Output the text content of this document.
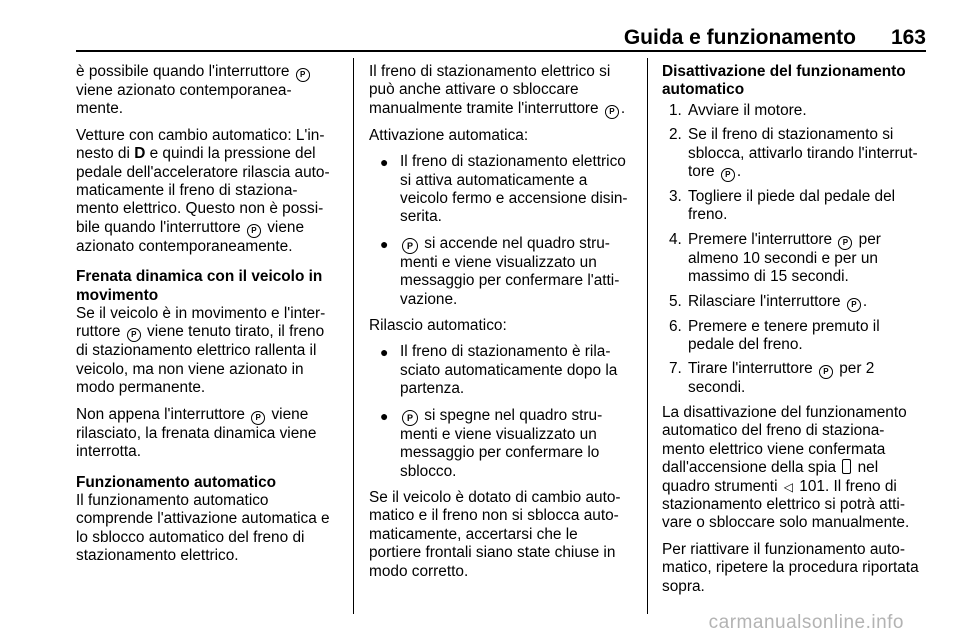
Guida e funzionamento 163

è possibile quando l'interruttore P
viene azionato contemporanea-
mente.

Vetture con cambio automatico: L'in-
nesto di D e quindi la pressione del
pedale dell'acceleratore rilascia auto-
maticamente il freno di staziona-
mento elettrico. Questo non è possi-
bile quando l'interruttore P viene
azionato contemporaneamente.

Frenata dinamica con il veicolo in
movimento

Se il veicolo è in movimento e l'inter-
ruttore P viene tenuto tirato, il freno
di stazionamento elettrico rallenta il
veicolo, ma non viene azionato in
modo permanente.

Non appena l'interruttore P viene
rilasciato, la frenata dinamica viene
interrotta.

Funzionamento automatico

Il funzionamento automatico
comprende l'attivazione automatica e
lo sblocco automatico del freno di
stazionamento elettrico.

Il freno di stazionamento elettrico si
può anche attivare o sbloccare
manualmente tramite l'interruttore P .

Attivazione automatica:

● Il freno di stazionamento elettrico
si attiva automaticamente a
veicolo fermo e accensione disin-
serita.
●	P si accende nel quadro stru-
menti e viene visualizzato un
messaggio per confermare l'atti-
vazione.

Rilascio automatico:

● Il freno di stazionamento è rila-
sciato automaticamente dopo la
partenza.
●	P si spegne nel quadro stru-
menti e viene visualizzato un
messaggio per confermare lo
sblocco.

Se il veicolo è dotato di cambio auto-
matico e il freno non si sblocca auto-
maticamente, accertarsi che le
portiere frontali siano state chiuse in
modo corretto.

Disattivazione del funzionamento
automatico

1. Avviare il motore.
2. Se il freno di stazionamento si
sblocca, attivarlo tirando l'interrut-
tore P .
3. Togliere il piede dal pedale del
freno.
4. Premere l'interruttore P per
almeno 10 secondi e per un
massimo di 15 secondi.
5. Rilasciare l'interruttore P .
6. Premere e tenere premuto il
pedale del freno.
7. Tirare l'interruttore P per 2
secondi.

La disattivazione del funzionamento
automatico del freno di staziona-
mento elettrico viene confermata
dall'accensione della spia nel
quadro strumenti ◁ 101. Il freno di
stazionamento elettrico si potrà atti-
vare o sbloccare solo manualmente.

Per riattivare il funzionamento auto-
matico, ripetere la procedura riportata
sopra.

carmanualsonline.info
